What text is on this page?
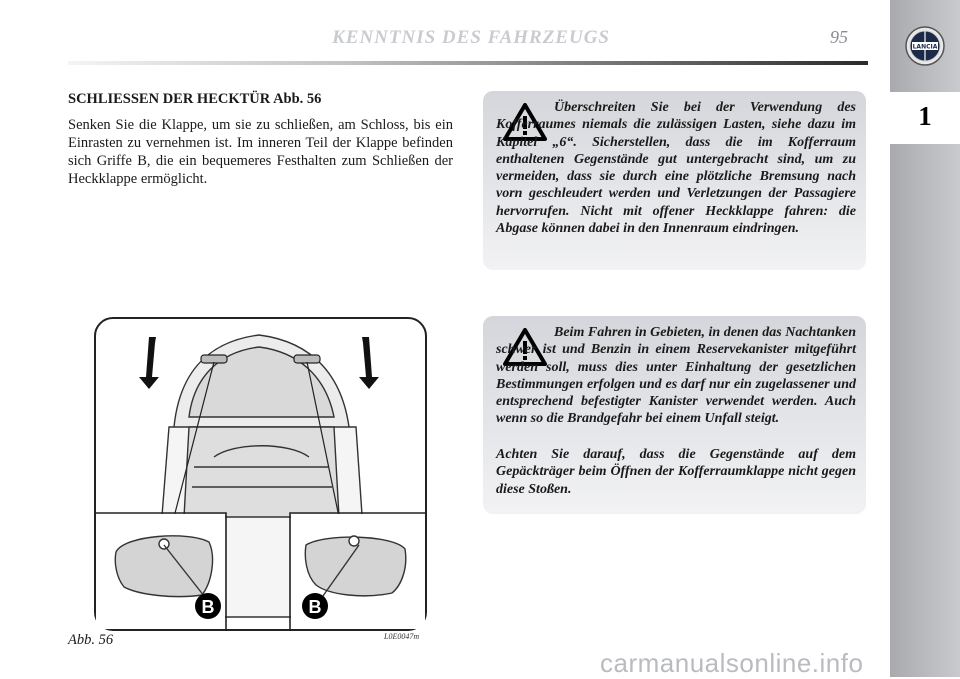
KENNTNIS DES FAHRZEUGS	95	LANCIA
1
SCHLIESSEN DER HECKTÜR Abb. 56
Senken Sie die Klappe, um sie zu schließen, am Schloss, bis ein Einrasten zu vernehmen ist. Im inneren Teil der Klappe befinden sich Griffe B, die ein bequemeres Festhalten zum Schließen der Heckklappe ermöglicht.
Überschreiten Sie bei der Verwendung des Kofferraumes niemals die zulässigen Lasten, siehe dazu im Kapitel „6“. Sicherstellen, dass die im Kofferraum enthaltenen Gegenstände gut untergebracht sind, um zu vermeiden, dass sie durch eine plötzliche Bremsung nach vorn geschleudert werden und Verletzungen der Passagiere hervorrufen. Nicht mit offener Heckklappe fahren: die Abgase können dabei in den Innenraum eindringen.
Beim Fahren in Gebieten, in denen das Nachtanken schwer ist und Benzin in einem Reservekanister mitgeführt werden soll, muss dies unter Einhaltung der gesetzlichen Bestimmungen erfolgen und es darf nur ein zugelassener und entsprechend befestigter Kanister verwendet werden. Auch wenn so die Brandgefahr bei einem Unfall steigt.
Achten Sie darauf, dass die Gegenstände auf dem Gepäckträger beim Öffnen der Kofferraumklappe nicht gegen diese Stoßen.
B	B
Abb. 56	L0E0047m
carmanualsonline.info
